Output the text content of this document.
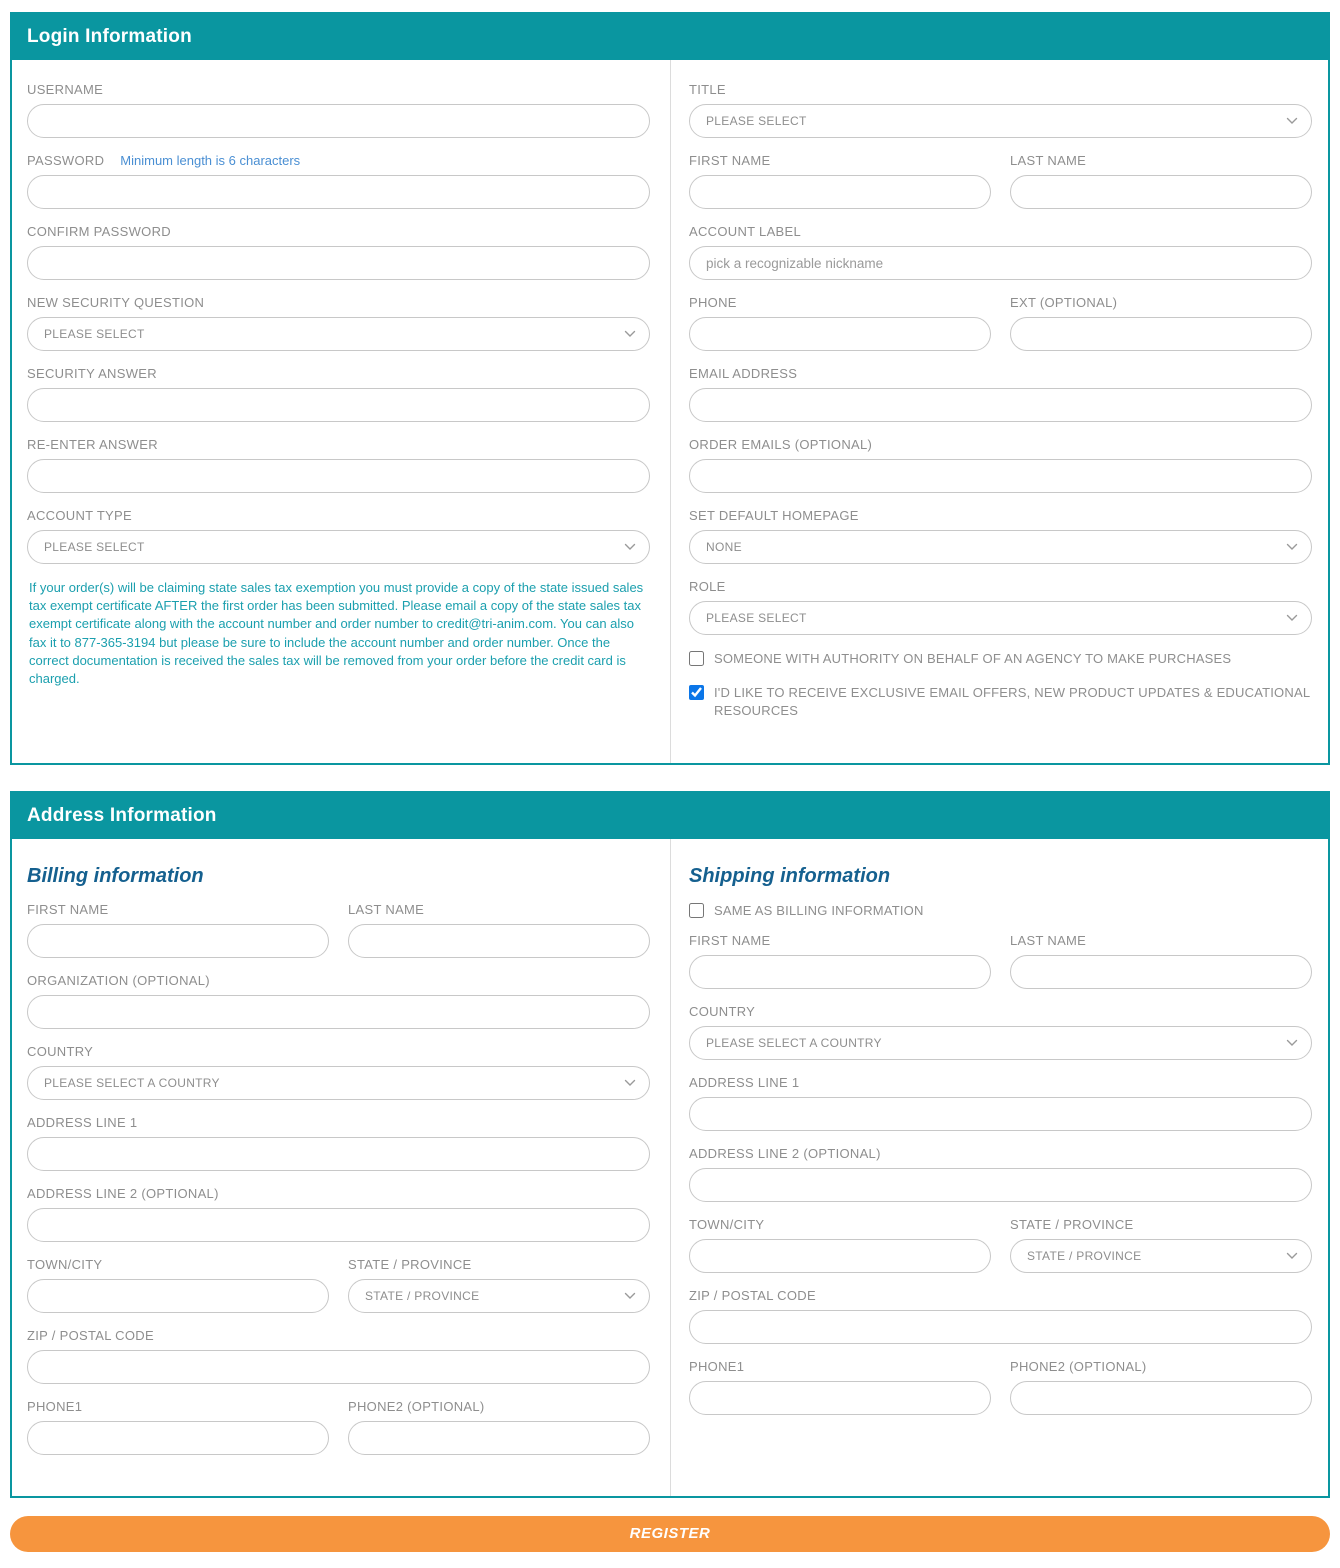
Login Information
USERNAME
PASSWORD Minimum length is 6 characters
CONFIRM PASSWORD
NEW SECURITY QUESTION
PLEASE SELECT
SECURITY ANSWER
RE-ENTER ANSWER
ACCOUNT TYPE
PLEASE SELECT

If your order(s) will be claiming state sales tax exemption you must provide a copy of the state issued sales tax exempt certificate AFTER the first order has been submitted. Please email a copy of the state sales tax exempt certificate along with the account number and order number to credit@tri-anim.com. You can also fax it to 877-365-3194 but please be sure to include the account number and order number. Once the correct documentation is received the sales tax will be removed from your order before the credit card is charged.

TITLE
PLEASE SELECT
FIRST NAME	LAST NAME
ACCOUNT LABEL
pick a recognizable nickname
PHONE	EXT (OPTIONAL)
EMAIL ADDRESS
ORDER EMAILS (OPTIONAL)
SET DEFAULT HOMEPAGE
NONE
ROLE
PLEASE SELECT
SOMEONE WITH AUTHORITY ON BEHALF OF AN AGENCY TO MAKE PURCHASES
I'D LIKE TO RECEIVE EXCLUSIVE EMAIL OFFERS, NEW PRODUCT UPDATES & EDUCATIONAL RESOURCES
Address Information
Billing information
FIRST NAME	LAST NAME
ORGANIZATION (OPTIONAL)
COUNTRY
PLEASE SELECT A COUNTRY
ADDRESS LINE 1
ADDRESS LINE 2 (OPTIONAL)
TOWN/CITY	STATE / PROVINCE
STATE / PROVINCE
ZIP / POSTAL CODE
PHONE1	PHONE2 (OPTIONAL)
Shipping information
SAME AS BILLING INFORMATION
FIRST NAME	LAST NAME
COUNTRY
PLEASE SELECT A COUNTRY
ADDRESS LINE 1
ADDRESS LINE 2 (OPTIONAL)
TOWN/CITY	STATE / PROVINCE
STATE / PROVINCE
ZIP / POSTAL CODE
PHONE1	PHONE2 (OPTIONAL)
REGISTER
